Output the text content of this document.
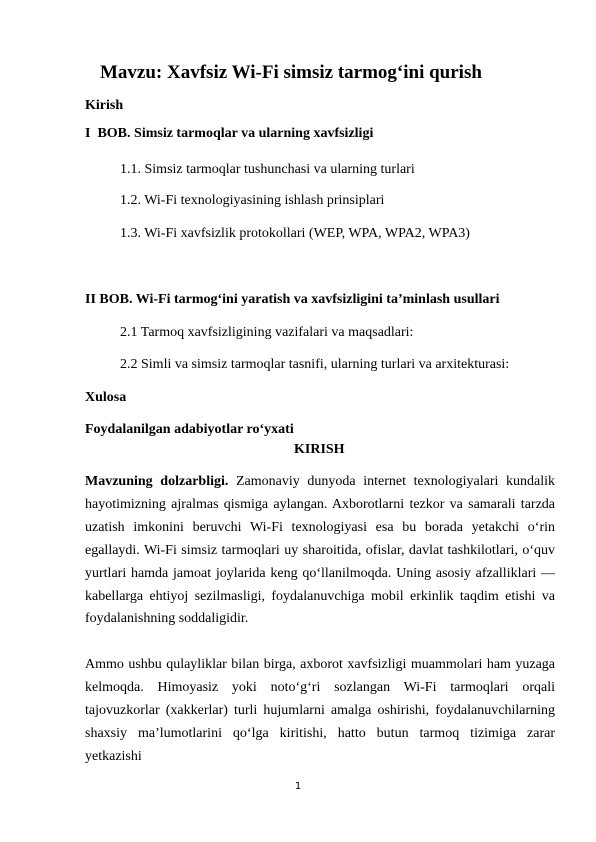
Mavzu: Xavfsiz Wi-Fi simsiz tarmog‘ini qurish
Kirish
I BOB. Simsiz tarmoqlar va ularning xavfsizligi
1.1. Simsiz tarmoqlar tushunchasi va ularning turlari
1.2. Wi-Fi texnologiyasining ishlash prinsiplari
1.3. Wi-Fi xavfsizlik protokollari (WEP, WPA, WPA2, WPA3)
II BOB. Wi-Fi tarmog‘ini yaratish va xavfsizligini ta’minlash usullari
2.1 Tarmoq xavfsizligining vazifalari va maqsadlari:
2.2 Simli va simsiz tarmoqlar tasnifi, ularning turlari va arxitekturasi:
Xulosa
Foydalanilgan adabiyotlar ro‘yxati
KIRISH
Mavzuning dolzarbligi. Zamonaviy dunyoda internet texnologiyalari kundalik hayotimizning ajralmas qismiga aylangan. Axborotlarni tezkor va samarali tarzda uzatish imkonini beruvchi Wi-Fi texnologiyasi esa bu borada yetakchi o‘rin egallaydi. Wi-Fi simsiz tarmoqlari uy sharoitida, ofislar, davlat tashkilotlari, o‘quv yurtlari hamda jamoat joylarida keng qo‘llanilmoqda. Uning asosiy afzalliklari — kabellarga ehtiyoj sezilmasligi, foydalanuvchiga mobil erkinlik taqdim etishi va foydalanishning soddaligidir.
Ammo ushbu qulayliklar bilan birga, axborot xavfsizligi muammolari ham yuzaga kelmoqda. Himoyasiz yoki noto‘g‘ri sozlangan Wi-Fi tarmoqlari orqali tajovuzkorlar (xakkerlar) turli hujumlarni amalga oshirishi, foydalanuvchilarning shaxsiy ma’lumotlarini qo‘lga kiritishi, hatto butun tarmoq tizimiga zarar yetkazishi
1
